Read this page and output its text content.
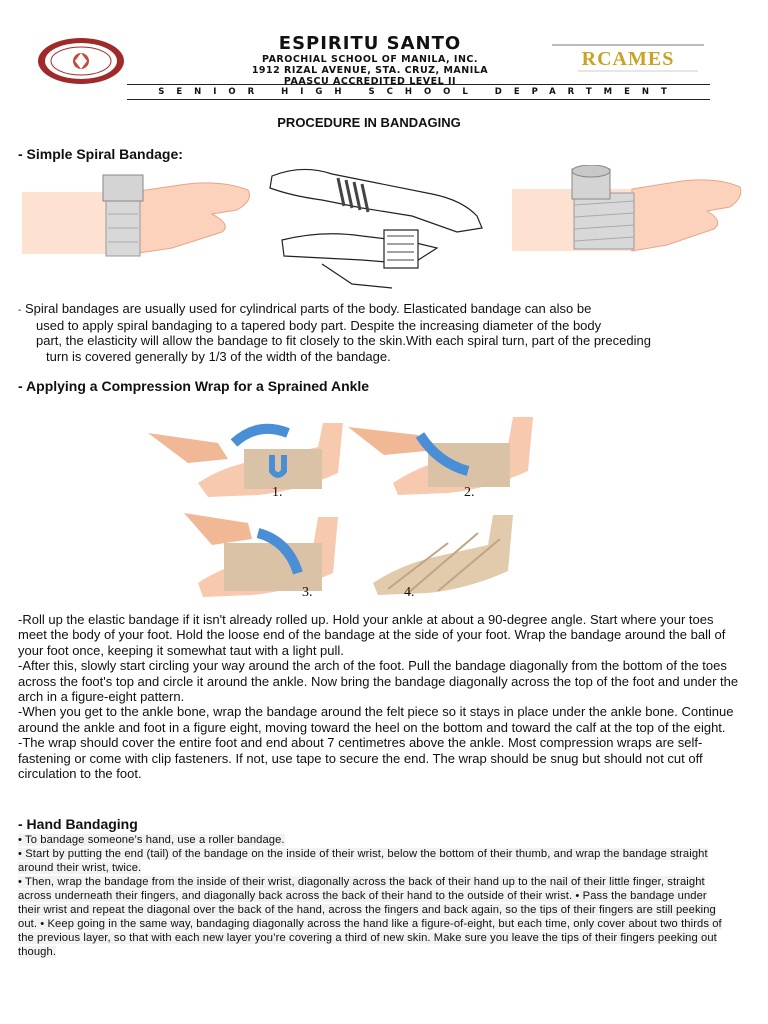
ESPIRITU SANTO
PAROCHIAL SCHOOL OF MANILA, INC.
1912 RIZAL AVENUE, STA. CRUZ, MANILA
PAASCU ACCREDITED LEVEL II
RCAMES
SENIOR HIGH SCHOOL DEPARTMENT
PROCEDURE IN BANDAGING
- Simple Spiral Bandage:

- Spiral bandages are usually used for cylindrical parts of the body. Elasticated bandage can also be

used to apply spiral bandaging to a tapered body part. Despite the increasing diameter of the body

part, the elasticity will allow the bandage to fit closely to the skin.With each spiral turn, part of the preceding

turn is covered generally by 1/3 of the width of the bandage.

- Applying a Compression Wrap for a Sprained Ankle
1.	2.
3.	4.

-Roll up the elastic bandage if it isn't already rolled up. Hold your ankle at about a 90-degree angle. Start where your toes meet the body of your foot. Hold the loose end of the bandage at the side of your foot. Wrap the bandage around the ball of your foot once, keeping it somewhat taut with a light pull.

-After this, slowly start circling your way around the arch of the foot. Pull the bandage diagonally from the bottom of the toes across the foot's top and circle it around the ankle. Now bring the bandage diagonally across the top of the foot and under the arch in a figure-eight pattern.

-When you get to the ankle bone, wrap the bandage around the felt piece so it stays in place under the ankle bone. Continue around the ankle and foot in a figure eight, moving toward the heel on the bottom and toward the calf at the top of the eight.

-The wrap should cover the entire foot and end about 7 centimetres above the ankle. Most compression wraps are self-fastening or come with clip fasteners. If not, use tape to secure the end. The wrap should be snug but should not cut off circulation to the foot.

- Hand Bandaging

• To bandage someone’s hand, use a roller bandage.

• Start by putting the end (tail) of the bandage on the inside of their wrist, below the bottom of their thumb, and wrap the bandage straight around their wrist, twice.

• Then, wrap the bandage from the inside of their wrist, diagonally across the back of their hand up to the nail of their little finger, straight across underneath their fingers, and diagonally back across the back of their hand to the outside of their wrist. • Pass the bandage under their wrist and repeat the diagonal over the back of the hand, across the fingers and back again, so the tips of their fingers are still peeking out. • Keep going in the same way, bandaging diagonally across the hand like a figure-of-eight, but each time, only cover about two thirds of the previous layer, so that with each new layer you’re covering a third of new skin. Make sure you leave the tips of their fingers peeking out though.
